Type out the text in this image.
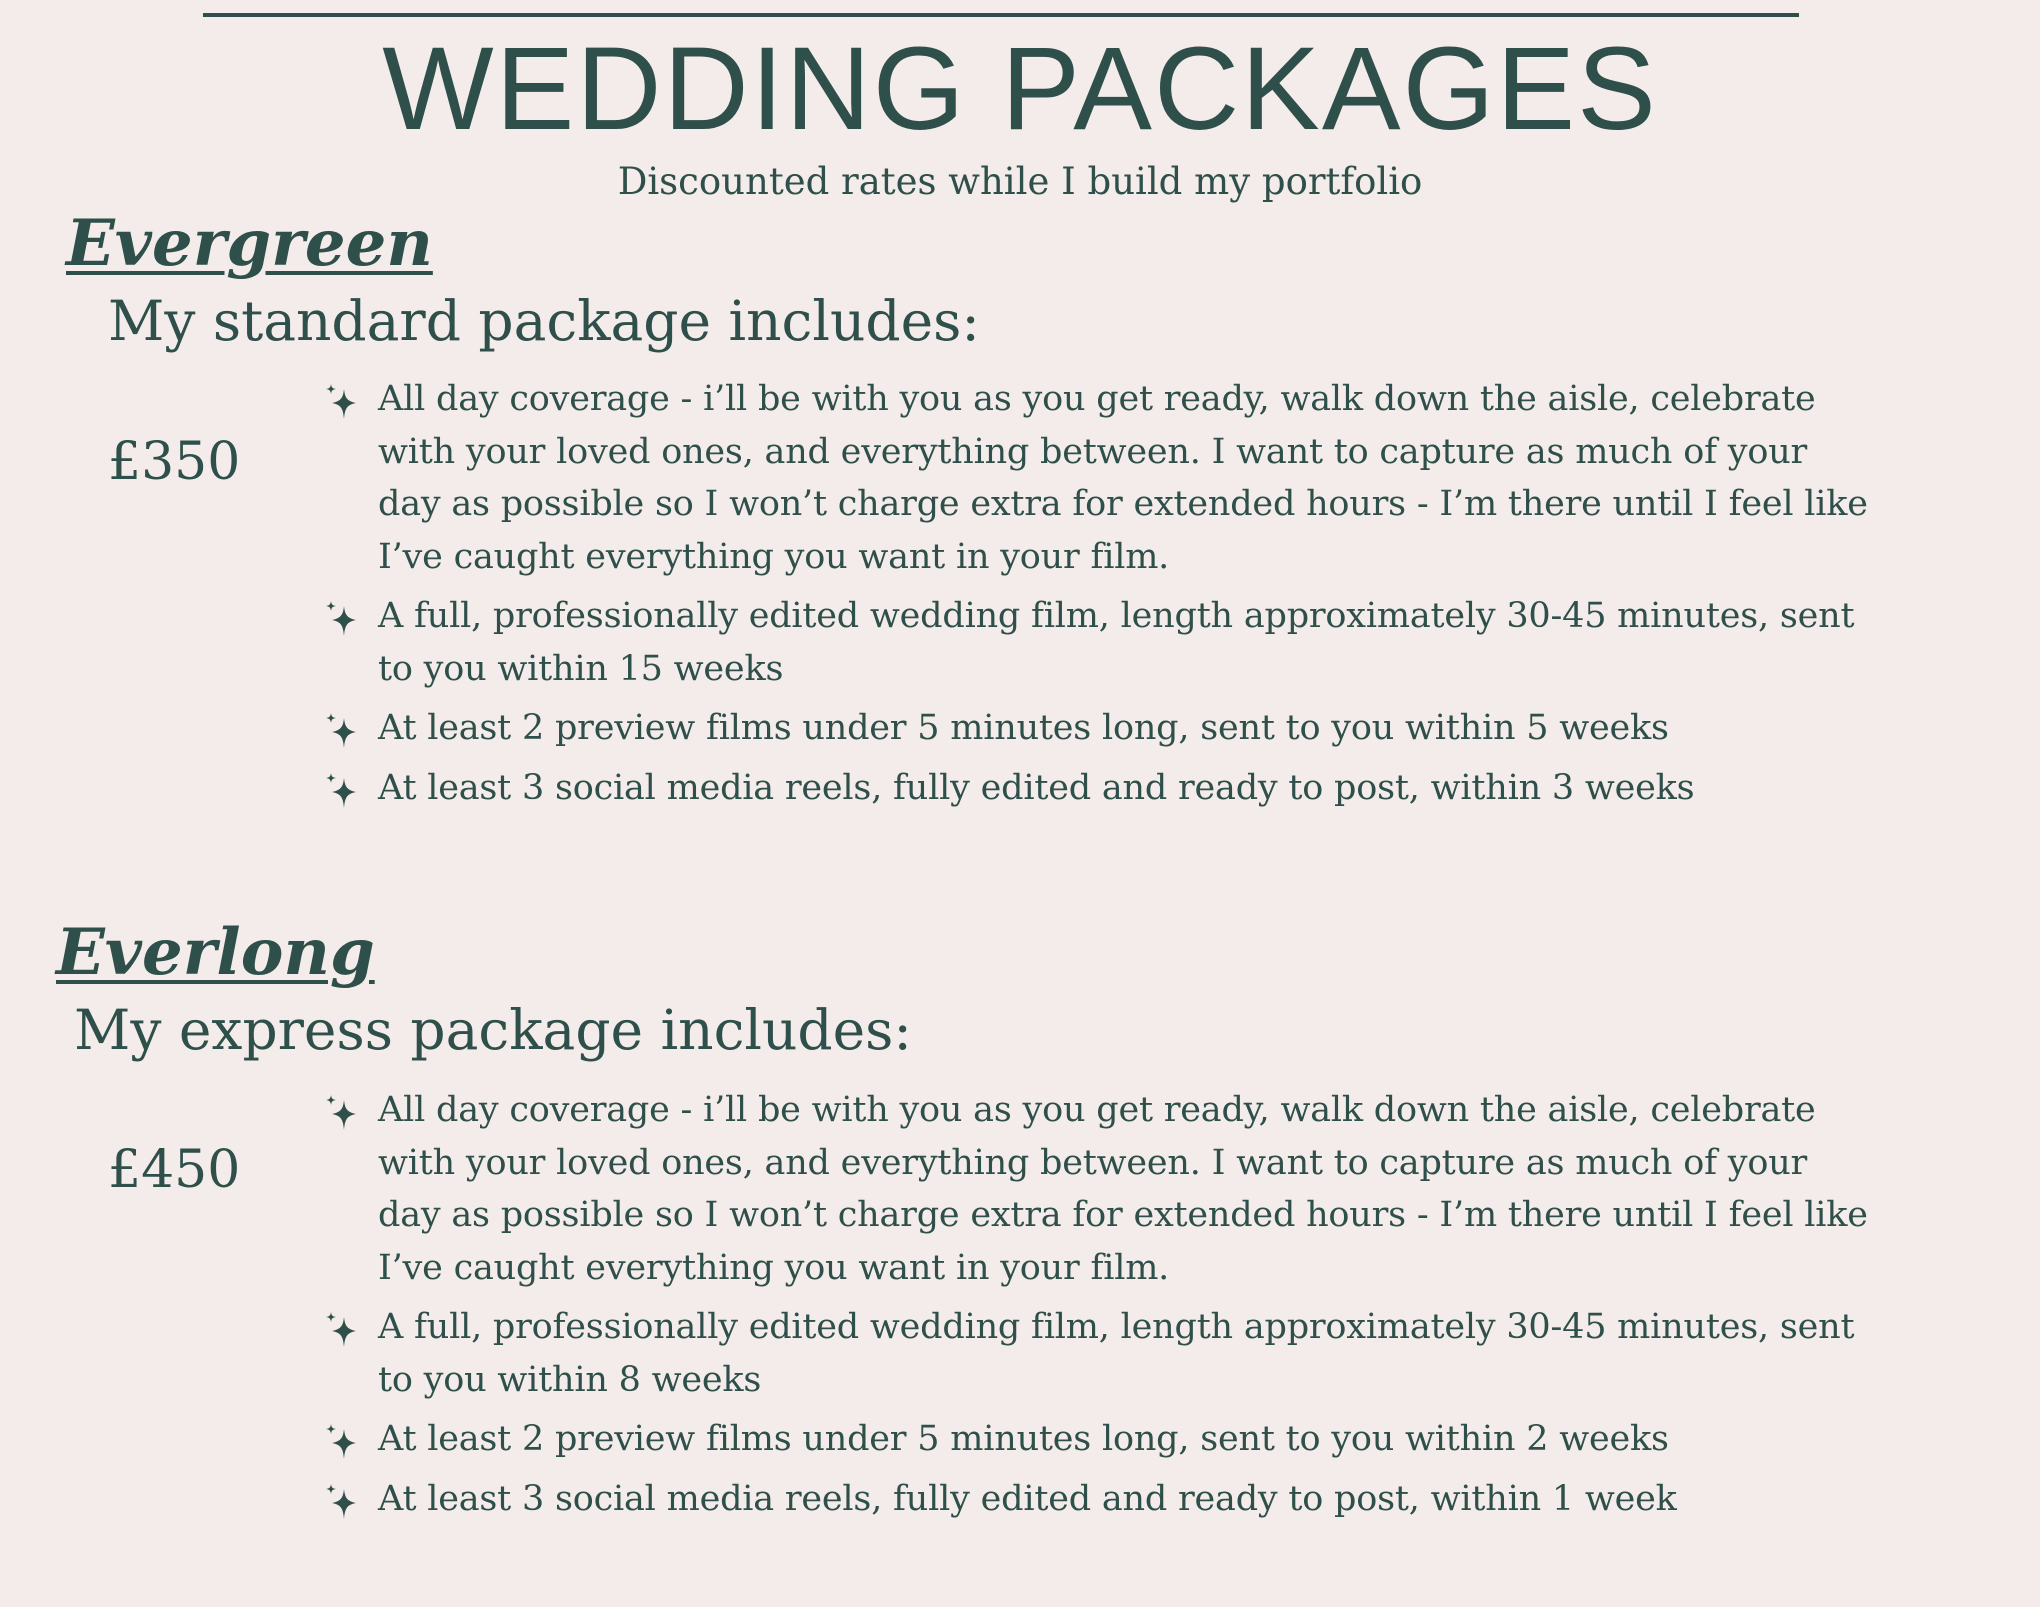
WEDDING PACKAGES
Discounted rates while I build my portfolio
Evergreen
My standard package includes:
£350
All day coverage - i’ll be with you as you get ready, walk down the aisle, celebrate with your loved ones, and everything between. I want to capture as much of your day as possible so I won’t charge extra for extended hours - I’m there until I feel like I’ve caught everything you want in your film.
A full, professionally edited wedding film, length approximately 30-45 minutes, sent to you within 15 weeks
At least 2 preview films under 5 minutes long, sent to you within 5 weeks
At least 3 social media reels, fully edited and ready to post, within 3 weeks
Everlong
My express package includes:
£450
All day coverage - i’ll be with you as you get ready, walk down the aisle, celebrate with your loved ones, and everything between. I want to capture as much of your day as possible so I won’t charge extra for extended hours - I’m there until I feel like I’ve caught everything you want in your film.
A full, professionally edited wedding film, length approximately 30-45 minutes, sent to you within 8 weeks
At least 2 preview films under 5 minutes long, sent to you within 2 weeks
At least 3 social media reels, fully edited and ready to post, within 1 week
